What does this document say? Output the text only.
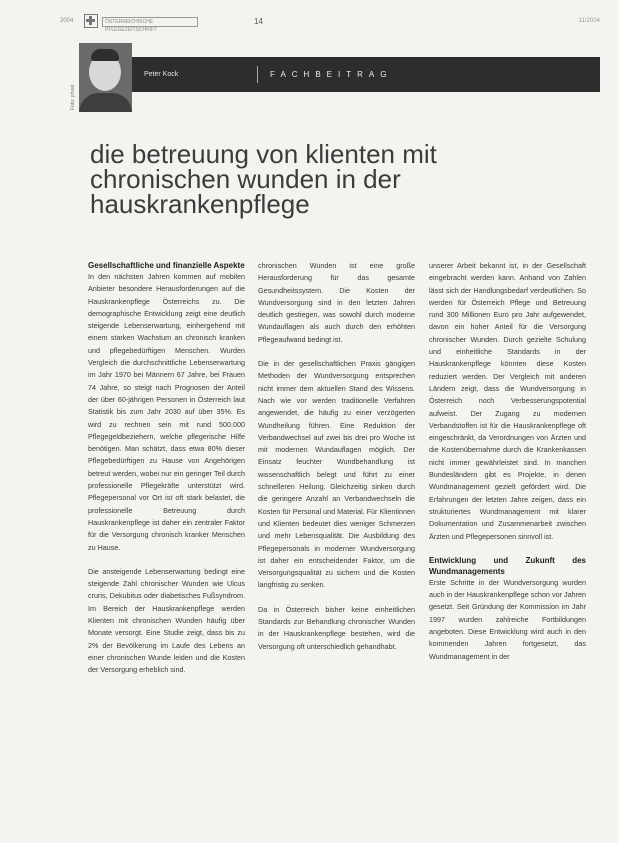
2004	ÖSTERREICHISCHE PFLEGEZEITSCHRIFT
14	11/2004
Foto: privat
Peter Kock	FACHBEITRAG
die betreuung von klienten mit
chronischen wunden in der
hauskrankenpflege
Gesellschaftliche und finanzielle Aspekte

In den nächsten Jahren kommen auf mobilen Anbieter besondere Herausforderungen auf die Hauskrankenpflege Österreichs zu. Die demographische Entwicklung zeigt eine deutlich steigende Lebenserwartung, einhergehend mit einem starken Wachstum an chronisch kranken und pflegebedürftigen Menschen. Wurden Vergleich die durchschnittliche Lebenserwartung im Jahr 1970 bei Männern 67 Jahre, bei Frauen 74 Jahre, so steigt nach Prognosen der Anteil der über 60-jährigen Personen in Österreich laut Statistik bis zum Jahr 2030 auf über 35%. Es wird zu rechnen sein mit rund 500.000 Pflegegeldbeziehern, welche pflegerische Hilfe benötigen. Man schätzt, dass etwa 80% dieser Pflegebedürftigen zu Hause von Angehörigen betreut werden, wobei nur ein geringer Teil durch professionelle Pflegekräfte unterstützt wird. Pflegepersonal vor Ort ist oft stark belastet, die professionelle Betreuung durch Hauskrankenpflege ist daher ein zentraler Faktor für die Versorgung chronisch kranker Menschen zu Hause.

Die ansteigende Lebenserwartung bedingt eine steigende Zahl chronischer Wunden wie Ulcus cruris, Dekubitus oder diabetisches Fußsyndrom. Im Bereich der Hauskrankenpflege werden Klienten mit chronischen Wunden häufig über Monate versorgt. Eine Studie zeigt, dass bis zu 2% der Bevölkerung im Laufe des Lebens an einer chronischen Wunde leiden und die Kosten der Versorgung erheblich sind.

chronischen Wunden ist eine große Herausforderung für das gesamte Gesundheitssystem. Die Kosten der Wundversorgung sind in den letzten Jahren deutlich gestiegen, was sowohl durch moderne Wundauflagen als auch durch den erhöhten Pflegeaufwand bedingt ist.

Die in der gesellschaftlichen Praxis gängigen Methoden der Wundversorgung entsprechen nicht immer dem aktuellen Stand des Wissens. Nach wie vor werden traditionelle Verfahren angewendet, die häufig zu einer verzögerten Wundheilung führen. Eine Reduktion der Verbandwechsel auf zwei bis drei pro Woche ist mit modernen Wundauflagen möglich. Der Einsatz feuchter Wundbehandlung ist wissenschaftlich belegt und führt zu einer schnelleren Heilung. Gleichzeitig sinken durch die geringere Anzahl an Verbandwechseln die Kosten für Personal und Material. Für Klientinnen und Klienten bedeutet dies weniger Schmerzen und mehr Lebensqualität. Die Ausbildung des Pflegepersonals in moderner Wundversorgung ist daher ein entscheidender Faktor, um die Versorgungsqualität zu sichern und die Kosten langfristig zu senken.

Da in Österreich bisher keine einheitlichen Standards zur Behandlung chronischer Wunden in der Hauskrankenpflege bestehen, wird die Versorgung oft unterschiedlich gehandhabt.

unserer Arbeit bekannt ist, in der Gesellschaft eingebracht werden kann. Anhand von Zahlen lässt sich der Handlungsbedarf verdeutlichen. So werden für Österreich Pflege und Betreuung rund 300 Millionen Euro pro Jahr aufgewendet, davon ein hoher Anteil für die Versorgung chronischer Wunden. Durch gezielte Schulung und einheitliche Standards in der Hauskrankenpflege könnten diese Kosten reduziert werden. Der Vergleich mit anderen Ländern zeigt, dass die Wundversorgung in Österreich noch Verbesserungspotential aufweist. Der Zugang zu modernen Verbandstoffen ist für die Hauskrankenpflege oft eingeschränkt, da Verordnungen von Ärzten und die Kostenübernahme durch die Krankenkassen nicht immer gewährleistet sind. In manchen Bundesländern gibt es Projekte, in denen Wundmanagement gezielt gefördert wird. Die Erfahrungen der letzten Jahre zeigen, dass ein strukturiertes Wundmanagement mit klarer Dokumentation und Zusammenarbeit zwischen Ärzten und Pflegepersonen sinnvoll ist.

Entwicklung und Zukunft des Wundmanagements

Erste Schritte in der Wundversorgung wurden auch in der Hauskrankenpflege schon vor Jahren gesetzt. Seit Gründung der Kommission im Jahr 1997 wurden zahlreiche Fortbildungen angeboten. Diese Entwicklung wird auch in den kommenden Jahren fortgesetzt, das Wundmanagement in der
